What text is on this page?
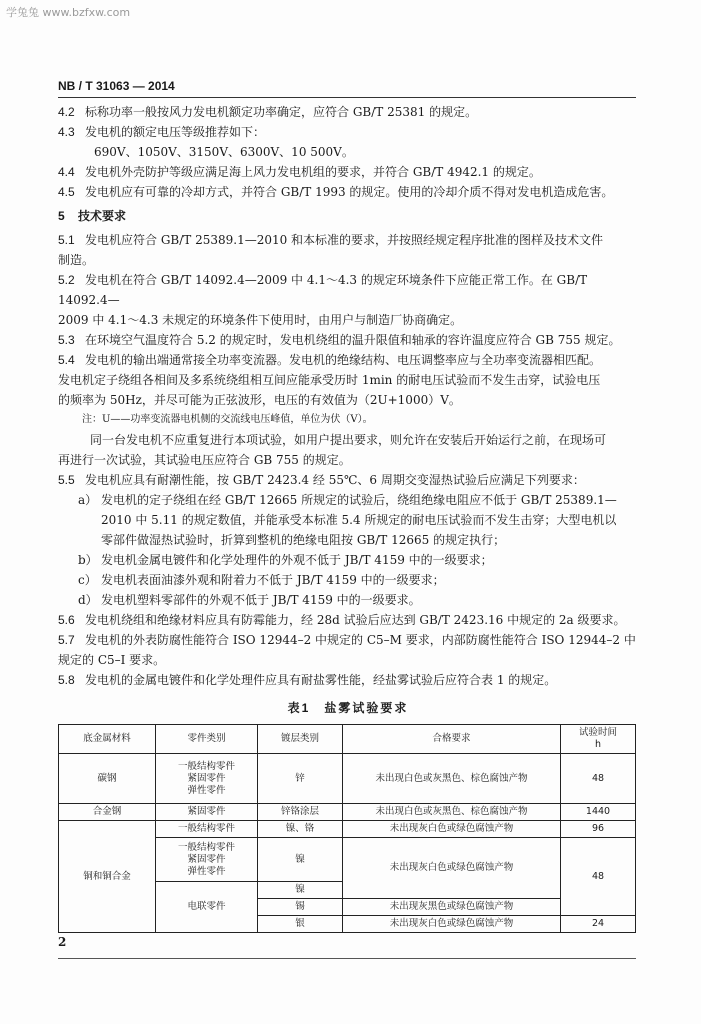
学兔兔 www.bzfxw.com
NB / T 31063 — 2014
4.2 标称功率一般按风力发电机额定功率确定，应符合 GB/T 25381 的规定。
4.3 发电机的额定电压等级推荐如下：
690V、1050V、3150V、6300V、10 500V。
4.4 发电机外壳防护等级应满足海上风力发电机组的要求，并符合 GB/T 4942.1 的规定。
4.5 发电机应有可靠的冷却方式，并符合 GB/T 1993 的规定。使用的冷却介质不得对发电机造成危害。
5 技术要求
5.1 发电机应符合 GB/T 25389.1—2010 和本标准的要求，并按照经规定程序批准的图样及技术文件
制造。
5.2 发电机在符合 GB/T 14092.4—2009 中 4.1～4.3 的规定环境条件下应能正常工作。在 GB/T 14092.4—
2009 中 4.1～4.3 未规定的环境条件下使用时，由用户与制造厂协商确定。
5.3 在环境空气温度符合 5.2 的规定时，发电机绕组的温升限值和轴承的容许温度应符合 GB 755 规定。
5.4 发电机的输出端通常接全功率变流器。发电机的绝缘结构、电压调整率应与全功率变流器相匹配。
发电机定子绕组各相间及多系统绕组相互间应能承受历时 1min 的耐电压试验而不发生击穿，试验电压
的频率为 50Hz，并尽可能为正弦波形，电压的有效值为（2U+1000）V。
注：U——功率变流器电机侧的交流线电压峰值，单位为伏（V）。
同一台发电机不应重复进行本项试验，如用户提出要求，则允许在安装后开始运行之前，在现场可
再进行一次试验，其试验电压应符合 GB 755 的规定。
5.5 发电机应具有耐潮性能，按 GB/T 2423.4 经 55℃、6 周期交变湿热试验后应满足下列要求：
a） 发电机的定子绕组在经 GB/T 12665 所规定的试验后，绕组绝缘电阻应不低于 GB/T 25389.1—
2010 中 5.11 的规定数值，并能承受本标准 5.4 所规定的耐电压试验而不发生击穿；大型电机以
零部件做湿热试验时，折算到整机的绝缘电阻按 GB/T 12665 的规定执行；
b） 发电机金属电镀件和化学处理件的外观不低于 JB/T 4159 中的一级要求；
c） 发电机表面油漆外观和附着力不低于 JB/T 4159 中的一级要求；
d） 发电机塑料零部件的外观不低于 JB/T 4159 中的一级要求。
5.6 发电机绕组和绝缘材料应具有防霉能力，经 28d 试验后应达到 GB/T 2423.16 中规定的 2a 级要求。
5.7 发电机的外表防腐性能符合 ISO 12944–2 中规定的 C5–M 要求，内部防腐性能符合 ISO 12944–2 中
规定的 C5–I 要求。
5.8 发电机的金属电镀件和化学处理件应具有耐盐雾性能，经盐雾试验后应符合表 1 的规定。
表1　盐雾试验要求
底金属材料	零件类别	镀层类别	合格要求	试验时间
h
碳钢	一般结构零件
紧固零件
弹性零件	锌	未出现白色或灰黑色、棕色腐蚀产物	48
合金钢	紧固零件	锌铬涂层	未出现白色或灰黑色、棕色腐蚀产物	1440
铜和铜合金	一般结构零件	镍、铬	未出现灰白色或绿色腐蚀产物	96
	一般结构零件
紧固零件
弹性零件	镍	未出现灰白色或绿色腐蚀产物	48
	电联零件	镍		
		锡	未出现灰黑色或绿色腐蚀产物	
		银	未出现灰白色或绿色腐蚀产物	24
2
